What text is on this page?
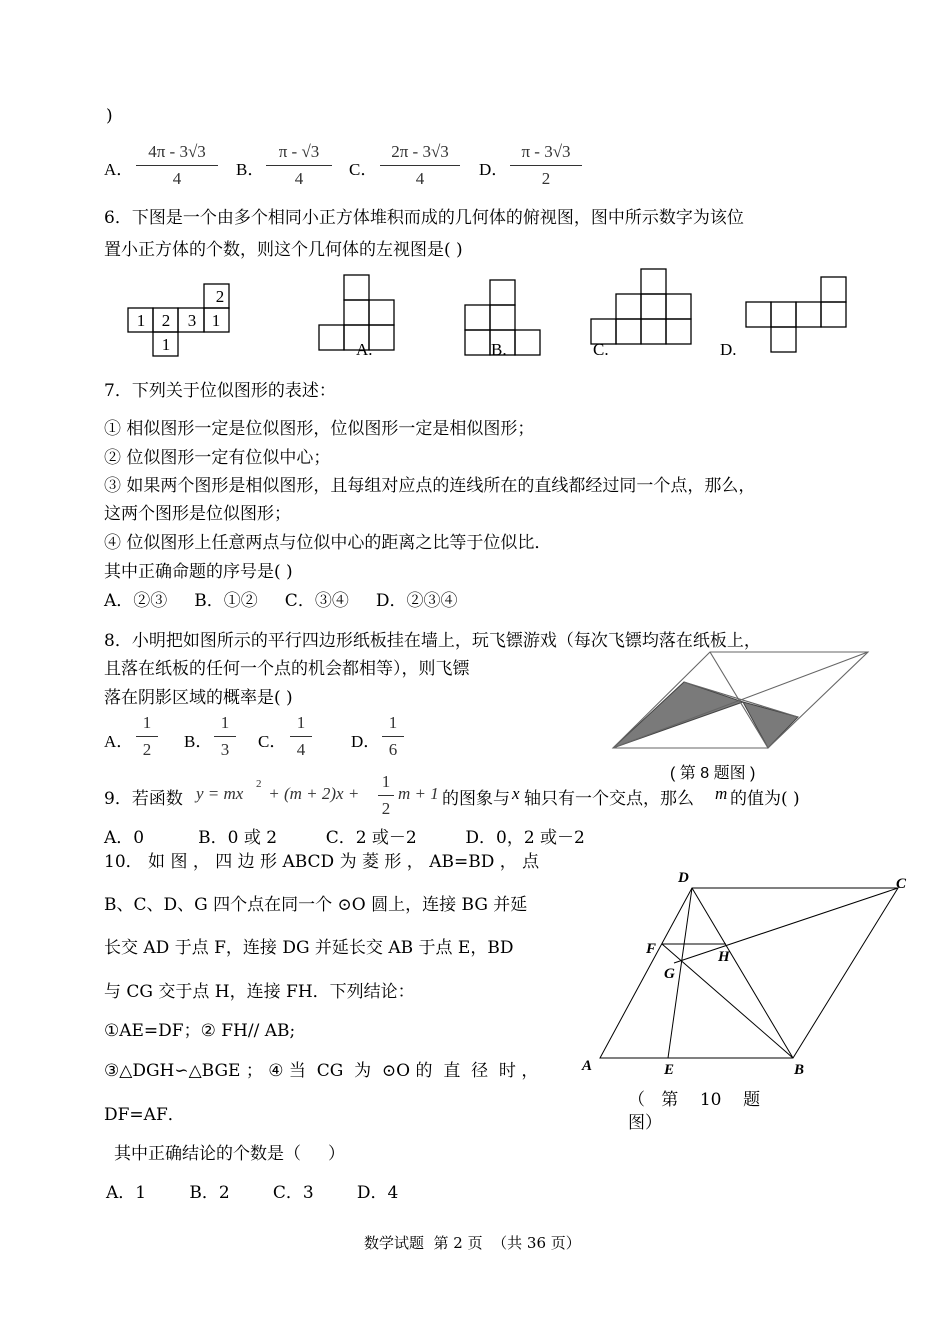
)
A．
4π - 3√3
4	B．
π - √3
4	C．
2π - 3√3
4	D．
π - 3√3
2
6．下图是一个由多个相同小正方体堆积而成的几何体的俯视图，图中所示数字为该位
置小正方体的个数，则这个几何体的左视图是( )
2
1 2 3 1
1	A.	B.	C.	D.
7．下列关于位似图形的表述：
① 相似图形一定是位似图形，位似图形一定是相似图形；
② 位似图形一定有位似中心；
③ 如果两个图形是相似图形，且每组对应点的连线所在的直线都经过同一个点，那么，
这两个图形是位似图形；
④ 位似图形上任意两点与位似中心的距离之比等于位似比．
其中正确命题的序号是( )
A．②③     B．①②     C．③④     D．②③④
8．小明把如图所示的平行四边形纸板挂在墙上，玩飞镖游戏（每次飞镖均落在纸板上，
且落在纸板的任何一个点的机会都相等），则飞镖
落在阴影区域的概率是( )
A．
1
2	B．
1
3	C．
1
4	D．
1
6
( 第 8 题图 )
9．若函数 y = mx 2 + (m + 2)x +
1
2
m + 1 的图象与 x 轴只有一个交点，那么 m 的值为( )
A．0          B．0 或 2         C．2 或－2         D．0，2 或－2
10． 如 图 ， 四 边 形 ABCD 为 菱 形 ， AB=BD ， 点
B、C、D、G 四个点在同一个 ⊙O 圆上，连接 BG 并延
长交 AD 于点 F，连接 DG 并延长交 AB 于点 E，BD
与 CG 交于点 H，连接 FH．下列结论：
①AE=DF；② FH// AB;
③△DGH∽△BGE ； ④ 当  CG  为  ⊙O 的  直  径  时 ，
DF=AF．
其中正确结论的个数是（     ）
A．1        B．2        C．3        D．4
D	C
F	H
G
A	E	B
（   第    10    题
图）
数学试题  第 2 页  （共 36 页）
